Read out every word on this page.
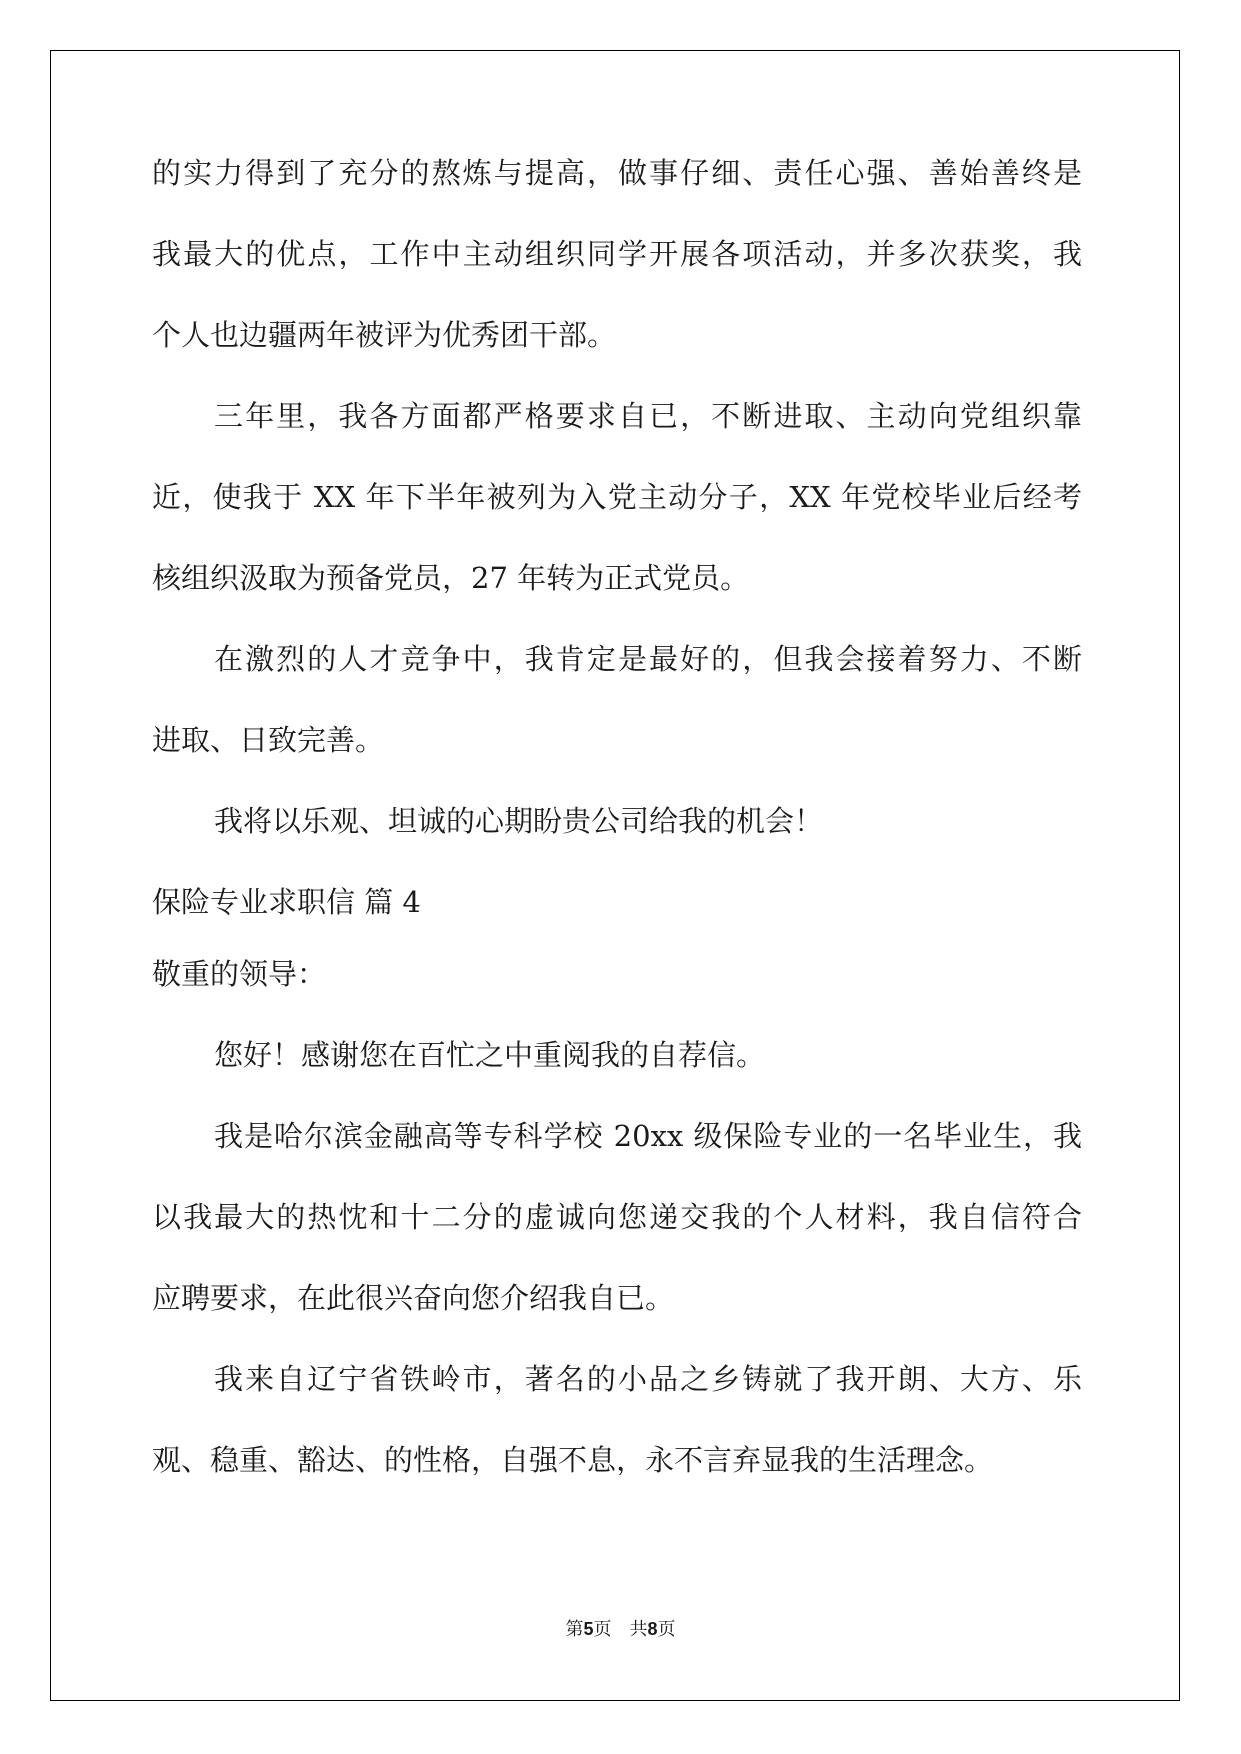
的实力得到了充分的熬炼与提高，做事仔细、责任心强、善始善终是
我最大的优点，工作中主动组织同学开展各项活动，并多次获奖，我
个人也边疆两年被评为优秀团干部。
三年里，我各方面都严格要求自已，不断进取、主动向党组织靠
近，使我于 XX 年下半年被列为入党主动分子，XX 年党校毕业后经考
核组织汲取为预备党员，27 年转为正式党员。
在激烈的人才竞争中，我肯定是最好的，但我会接着努力、不断
进取、日致完善。
我将以乐观、坦诚的心期盼贵公司给我的机会！
保险专业求职信 篇 4
敬重的领导：
您好！感谢您在百忙之中重阅我的自荐信。
我是哈尔滨金融高等专科学校 20xx 级保险专业的一名毕业生，我
以我最大的热忱和十二分的虚诚向您递交我的个人材料，我自信符合
应聘要求，在此很兴奋向您介绍我自已。
我来自辽宁省铁岭市，著名的小品之乡铸就了我开朗、大方、乐
观、稳重、豁达、的性格，自强不息，永不言弃显我的生活理念。
第5页 共8页
